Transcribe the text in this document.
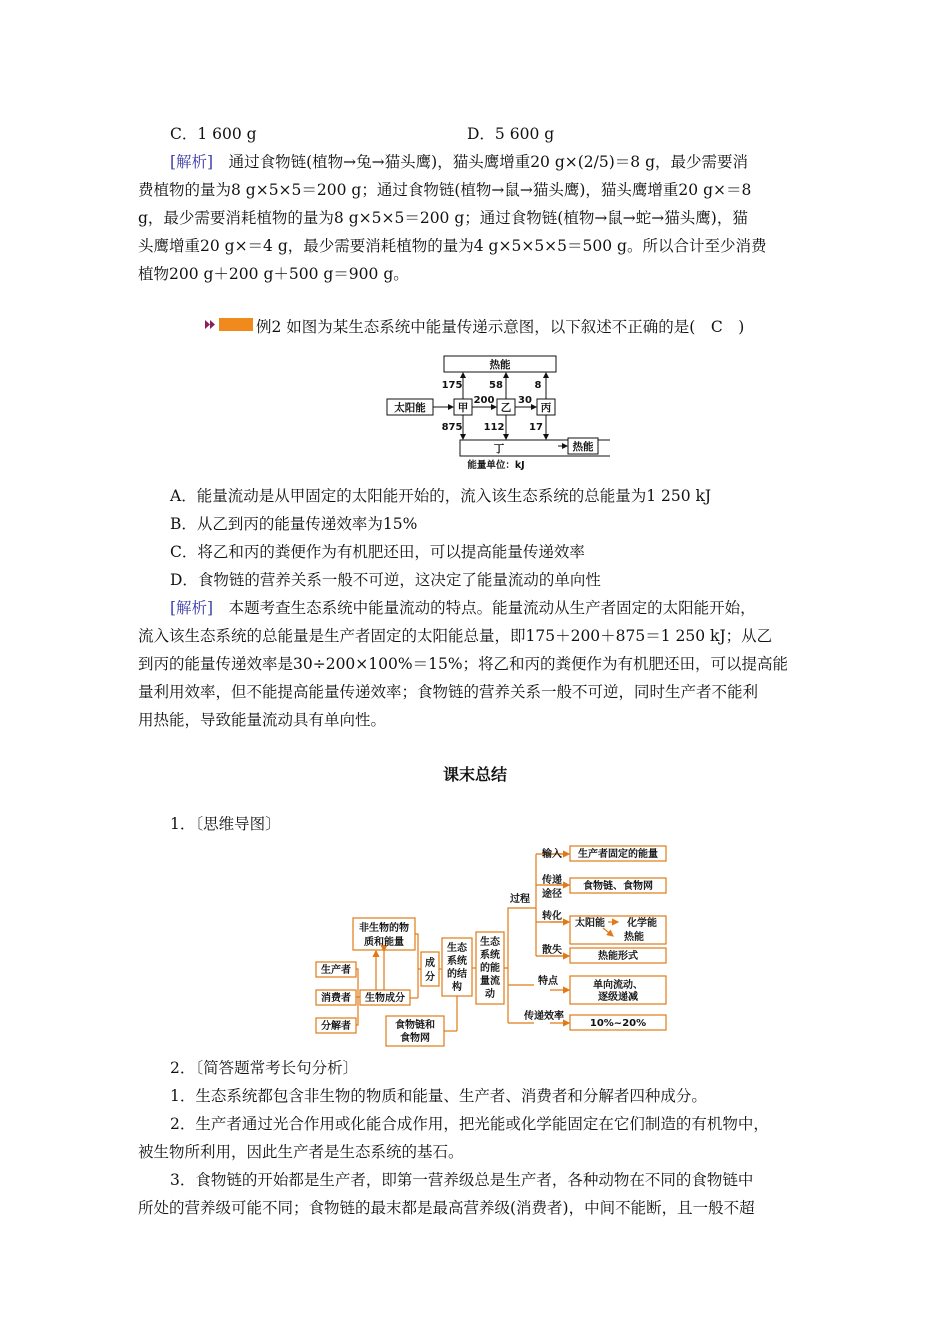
C．1 600 g	D．5 600 g
[解析]　 通过食物链(植物→兔→猫头鹰)，猫头鹰增重20 g×(2/5)＝8 g，最少需要消
费植物的量为8 g×5×5＝200 g；通过食物链(植物→鼠→猫头鹰)，猫头鹰增重20 g×＝8
g，最少需要消耗植物的量为8 g×5×5＝200 g；通过食物链(植物→鼠→蛇→猫头鹰)，猫
头鹰增重20 g×＝4 g，最少需要消耗植物的量为4 g×5×5×5＝500 g。所以合计至少消费
植物200 g＋200 g＋500 g＝900 g。
例2 如图为某生态系统中能量传递示意图，以下叙述不正确的是(　C　)
热能
太阳能	甲	乙	丙
丁	热能
175	58	8
200 30
875 112 17
能量单位：kJ
A．能量流动是从甲固定的太阳能开始的，流入该生态系统的总能量为1 250 kJ
B．从乙到丙的能量传递效率为15%
C．将乙和丙的粪便作为有机肥还田，可以提高能量传递效率
D．食物链的营养关系一般不可逆，这决定了能量流动的单向性
[解析]　 本题考查生态系统中能量流动的特点。能量流动从生产者固定的太阳能开始，
流入该生态系统的总能量是生产者固定的太阳能总量，即175＋200＋875＝1 250 kJ；从乙
到丙的能量传递效率是30÷200×100%＝15%；将乙和丙的粪便作为有机肥还田，可以提高能
量利用效率，但不能提高能量传递效率；食物链的营养关系一般不可逆，同时生产者不能利
用热能，导致能量流动具有单向性。
课末总结
1．〔思维导图〕
非生物的物
质和能量
生产者
消费者
分解者
生物成分
成
分
生态
系统
的结
构
食物链和
食物网
生态
系统
的能
量流
动
过程
输入 生产者固定的能量
传递
途径
食物链、食物网
转化
太阳能 化学能
热能
散失
热能形式
特点	单向流动、
逐级递减
传递效率
10%~20%
2．〔简答题常考长句分析〕
1．生态系统都包含非生物的物质和能量、生产者、消费者和分解者四种成分。
2．生产者通过光合作用或化能合成作用，把光能或化学能固定在它们制造的有机物中，
被生物所利用，因此生产者是生态系统的基石。
3．食物链的开始都是生产者，即第一营养级总是生产者，各种动物在不同的食物链中
所处的营养级可能不同；食物链的最末都是最高营养级(消费者)，中间不能断，且一般不超
